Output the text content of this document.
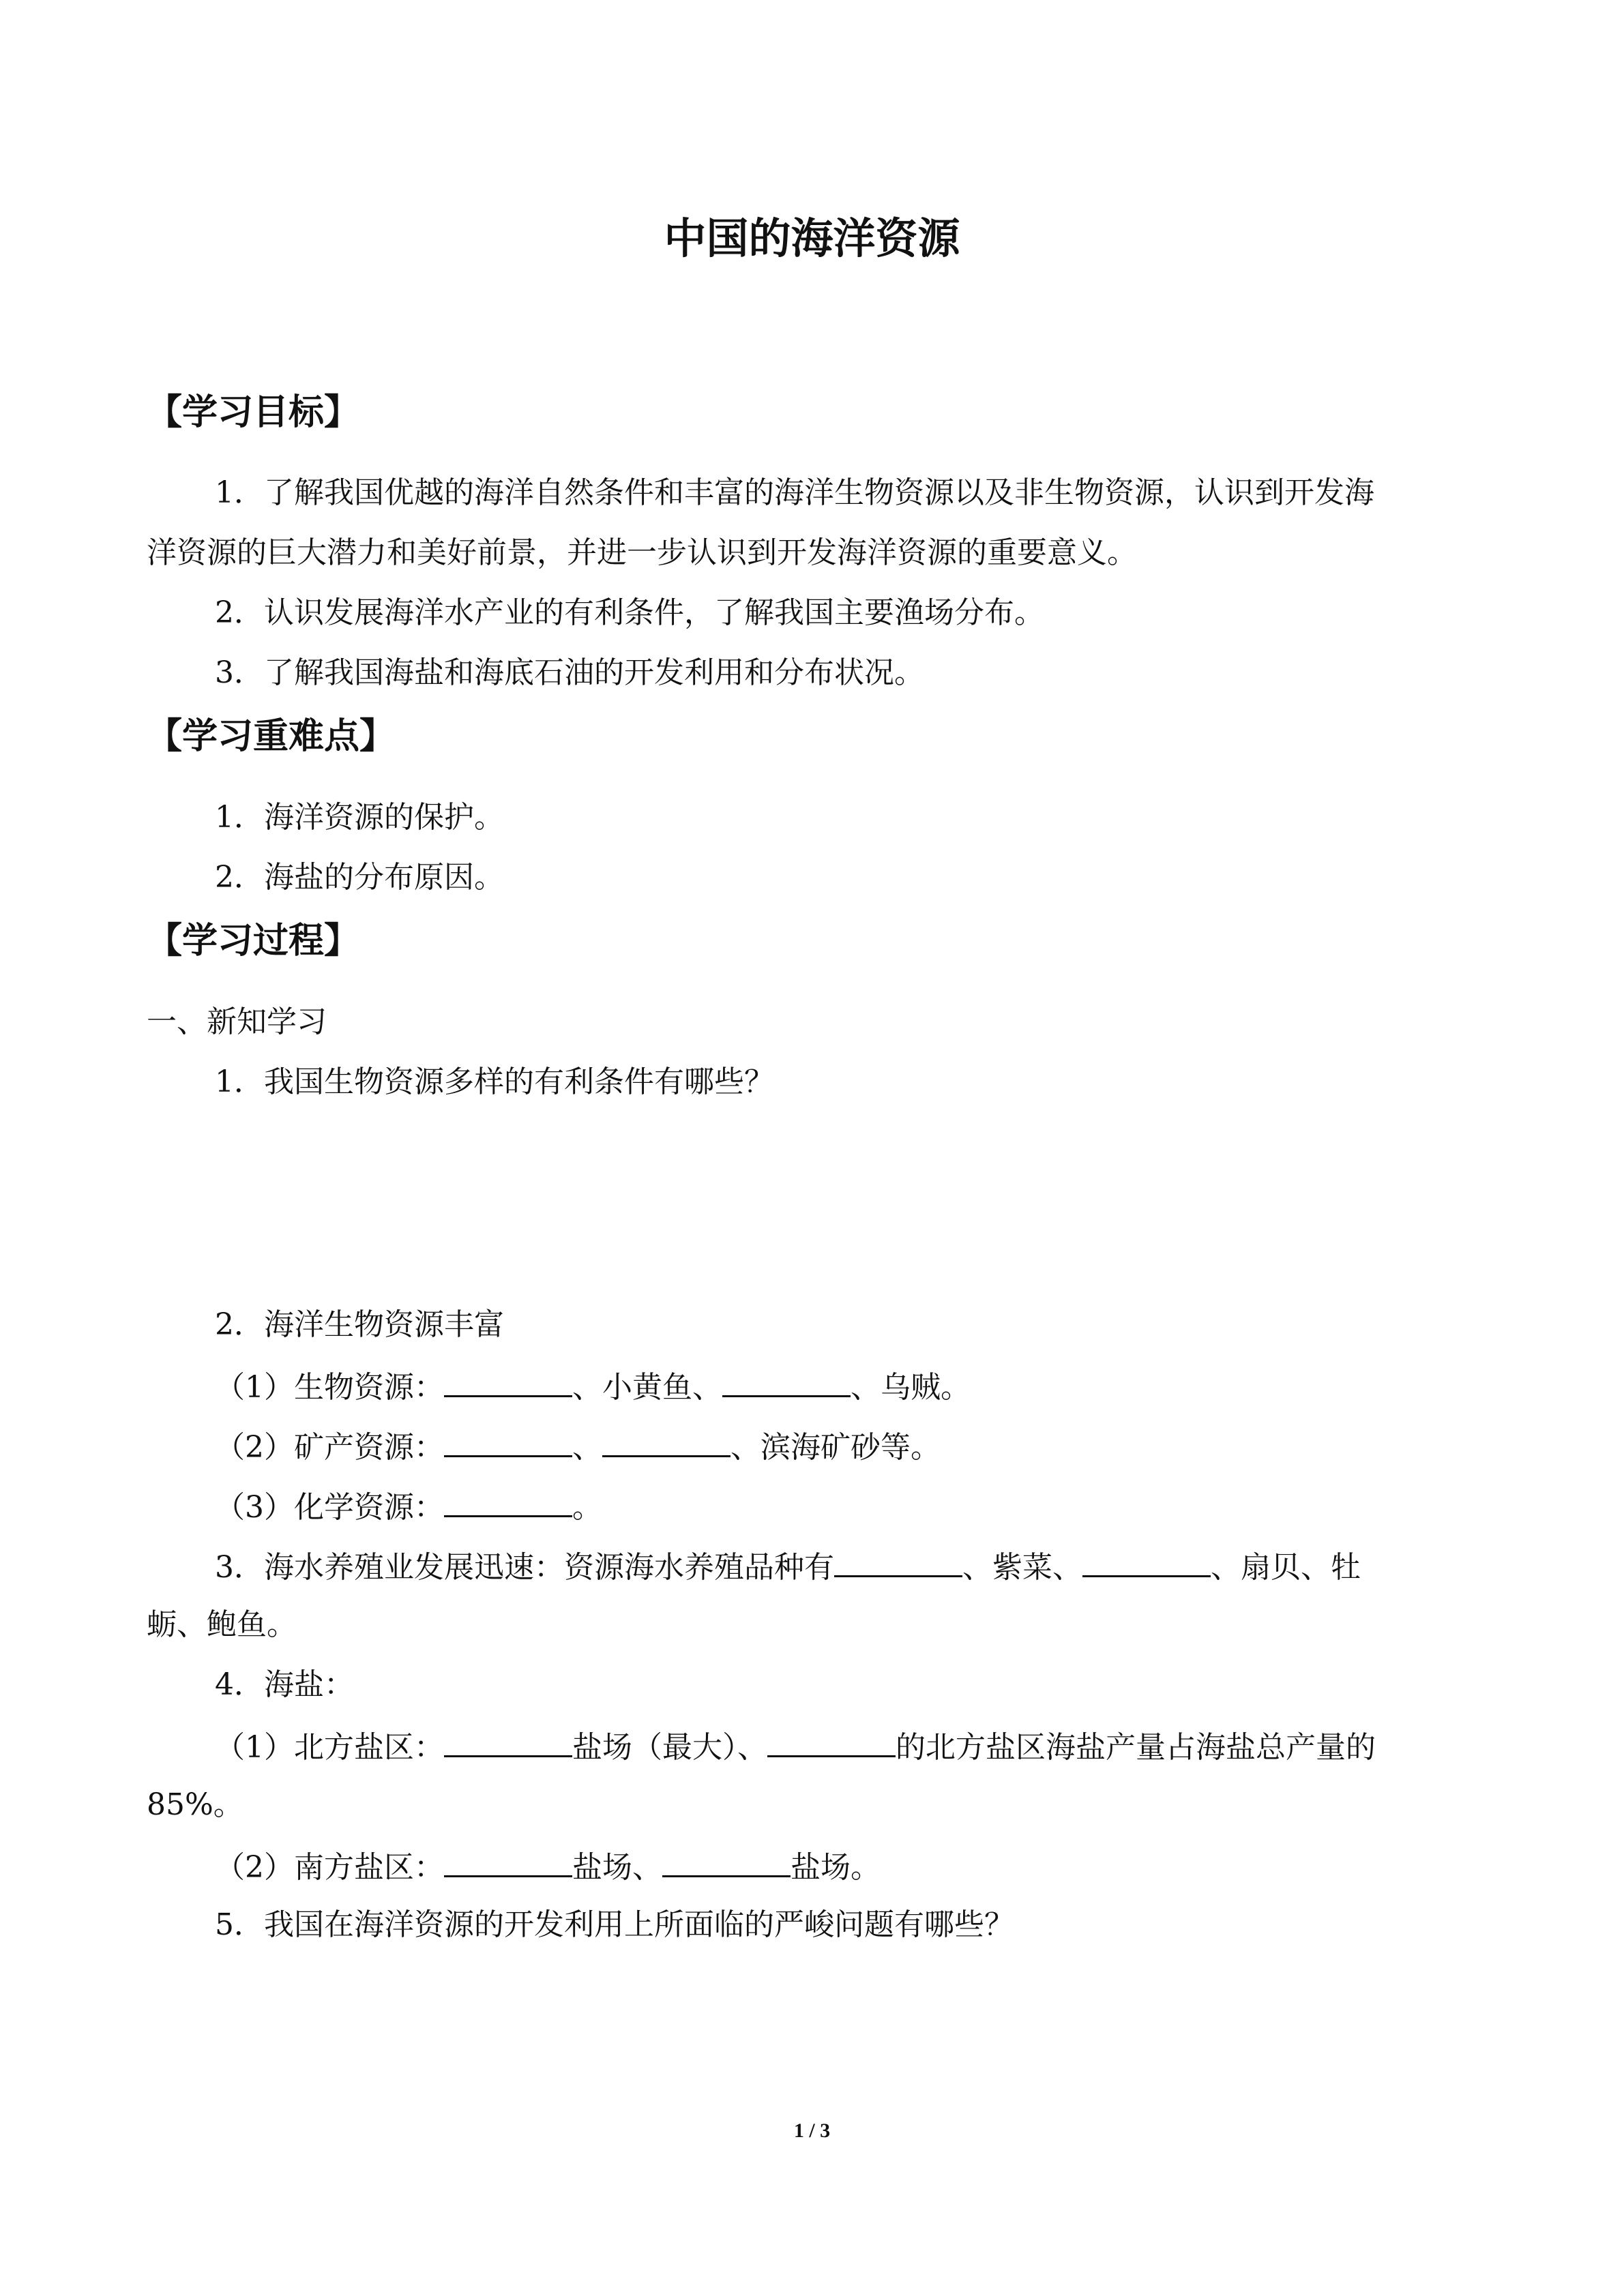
中国的海洋资源
【学习目标】
1．了解我国优越的海洋自然条件和丰富的海洋生物资源以及非生物资源，认识到开发海
洋资源的巨大潜力和美好前景，并进一步认识到开发海洋资源的重要意义。
2．认识发展海洋水产业的有利条件，了解我国主要渔场分布。
3．了解我国海盐和海底石油的开发利用和分布状况。
【学习重难点】
1．海洋资源的保护。
2．海盐的分布原因。
【学习过程】
一、新知学习
1．我国生物资源多样的有利条件有哪些？
2．海洋生物资源丰富
（1）生物资源：	、小黄鱼、	、乌贼。
（2）矿产资源：	、	、滨海矿砂等。
（3）化学资源：	。
3．海水养殖业发展迅速：资源海水养殖品种有	、紫菜、	、扇贝、牡
蛎、鲍鱼。
4．海盐：
（1）北方盐区：	盐场（最大）、	的北方盐区海盐产量占海盐总产量的
85%。
（2）南方盐区：	盐场、	盐场。
5．我国在海洋资源的开发利用上所面临的严峻问题有哪些？
1 / 3
